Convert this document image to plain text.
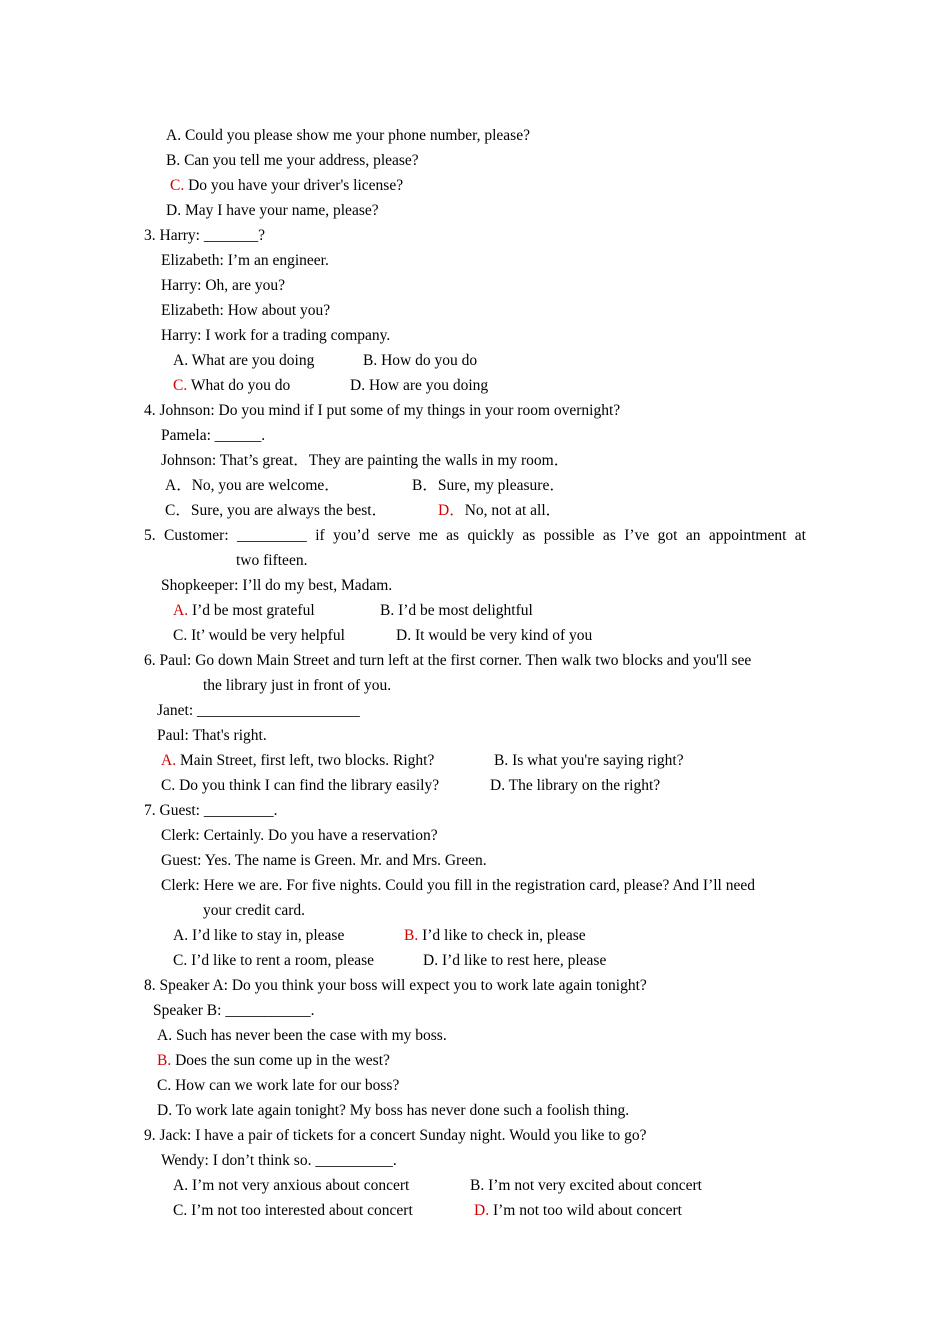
A. Could you please show me your phone number, please?
B. Can you tell me your address, please?
C. Do you have your driver's license?
D. May I have your name, please?
3. Harry: _______?
Elizabeth: I’m an engineer.
Harry: Oh, are you?
Elizabeth: How about you?
Harry: I work for a trading company.
A. What are you doing	B. How do you do
C. What do you do	D. How are you doing
4. Johnson: Do you mind if I put some of my things in your room overnight?
Pamela: ______.
Johnson: That’s great．They are painting the walls in my room．
A．No, you are welcome．	B．Sure, my pleasure．
C．Sure, you are always the best．	D．No, not at all．
5. Customer: _________ if you’d serve me as quickly as possible as I’ve got an appointment at
two fifteen.
Shopkeeper: I’ll do my best, Madam.
A. I’d be most grateful	B. I’d be most delightful
C. It’ would be very helpful	D. It would be very kind of you
6. Paul: Go down Main Street and turn left at the first corner. Then walk two blocks and you'll see
the library just in front of you.
Janet: _____________________
Paul: That's right.
A. Main Street, first left, two blocks. Right?	B. Is what you're saying right?
C. Do you think I can find the library easily?	D. The library on the right?
7. Guest: _________.
Clerk: Certainly. Do you have a reservation?
Guest: Yes. The name is Green. Mr. and Mrs. Green.
Clerk: Here we are. For five nights. Could you fill in the registration card, please? And I’ll need
your credit card.
A. I’d like to stay in, please	B. I’d like to check in, please
C. I’d like to rent a room, please	D. I’d like to rest here, please
8. Speaker A: Do you think your boss will expect you to work late again tonight?
Speaker B: ___________.
A. Such has never been the case with my boss.
B. Does the sun come up in the west?
C. How can we work late for our boss?
D. To work late again tonight? My boss has never done such a foolish thing.
9. Jack: I have a pair of tickets for a concert Sunday night. Would you like to go?
Wendy: I don’t think so. __________.
A. I’m not very anxious about concert	B. I’m not very excited about concert
C. I’m not too interested about concert	D. I’m not too wild about concert
